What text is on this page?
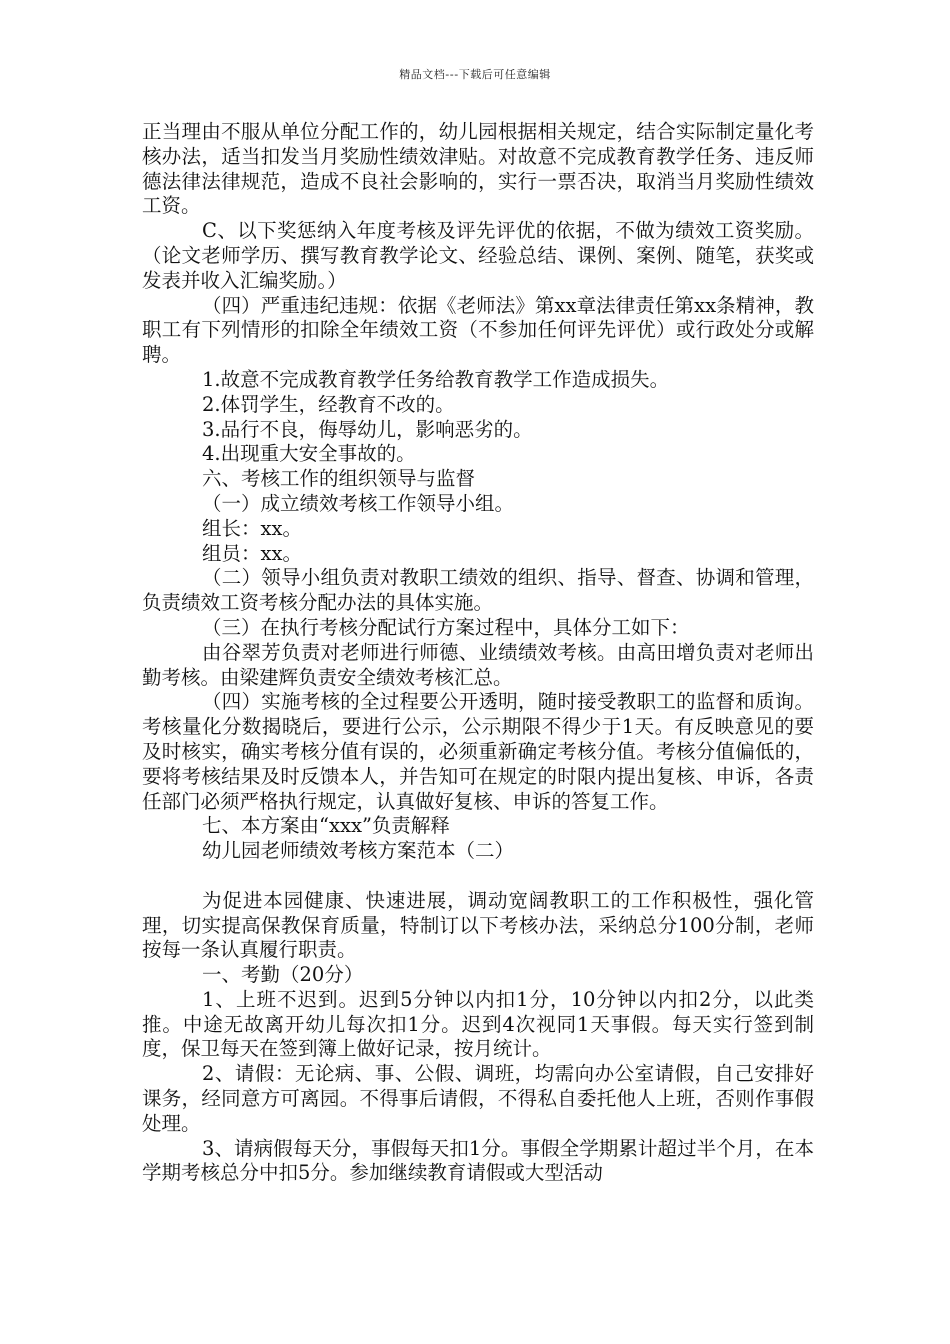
精品文档---下载后可任意编辑

正当理由不服从单位分配工作的，幼儿园根据相关规定，结合实际制定量化考核办法，适当扣发当月奖励性绩效津贴。对故意不完成教育教学任务、违反师德法律法律规范，造成不良社会影响的，实行一票否决，取消当月奖励性绩效工资。

C、以下奖惩纳入年度考核及评先评优的依据，不做为绩效工资奖励。（论文老师学历、撰写教育教学论文、经验总结、课例、案例、随笔，获奖或发表并收入汇编奖励。）

（四）严重违纪违规：依据《老师法》第xx章法律责任第xx条精神，教职工有下列情形的扣除全年绩效工资（不参加任何评先评优）或行政处分或解聘。

1.故意不完成教育教学任务给教育教学工作造成损失。

2.体罚学生，经教育不改的。

3.品行不良，侮辱幼儿，影响恶劣的。

4.出现重大安全事故的。

六、考核工作的组织领导与监督

（一）成立绩效考核工作领导小组。

组长：xx。

组员：xx。

（二）领导小组负责对教职工绩效的组织、指导、督查、协调和管理，负责绩效工资考核分配办法的具体实施。

（三）在执行考核分配试行方案过程中，具体分工如下：

由谷翠芳负责对老师进行师德、业绩绩效考核。由高田增负责对老师出勤考核。由梁建辉负责安全绩效考核汇总。

（四）实施考核的全过程要公开透明，随时接受教职工的监督和质询。考核量化分数揭晓后，要进行公示，公示期限不得少于1天。有反映意见的要及时核实，确实考核分值有误的，必须重新确定考核分值。考核分值偏低的，要将考核结果及时反馈本人，并告知可在规定的时限内提出复核、申诉，各责任部门必须严格执行规定，认真做好复核、申诉的答复工作。

七、本方案由“xxx”负责解释

幼儿园老师绩效考核方案范本（二）

为促进本园健康、快速进展，调动宽阔教职工的工作积极性，强化管理，切实提高保教保育质量，特制订以下考核办法，采纳总分100分制，老师按每一条认真履行职责。

一、考勤（20分）

1、上班不迟到。迟到5分钟以内扣1分，10分钟以内扣2分，以此类推。中途无故离开幼儿每次扣1分。迟到4次视同1天事假。每天实行签到制度，保卫每天在签到簿上做好记录，按月统计。

2、请假：无论病、事、公假、调班，均需向办公室请假，自己安排好课务，经同意方可离园。不得事后请假，不得私自委托他人上班，否则作事假处理。

3、请病假每天分，事假每天扣1分。事假全学期累计超过半个月，在本学期考核总分中扣5分。参加继续教育请假或大型活动
